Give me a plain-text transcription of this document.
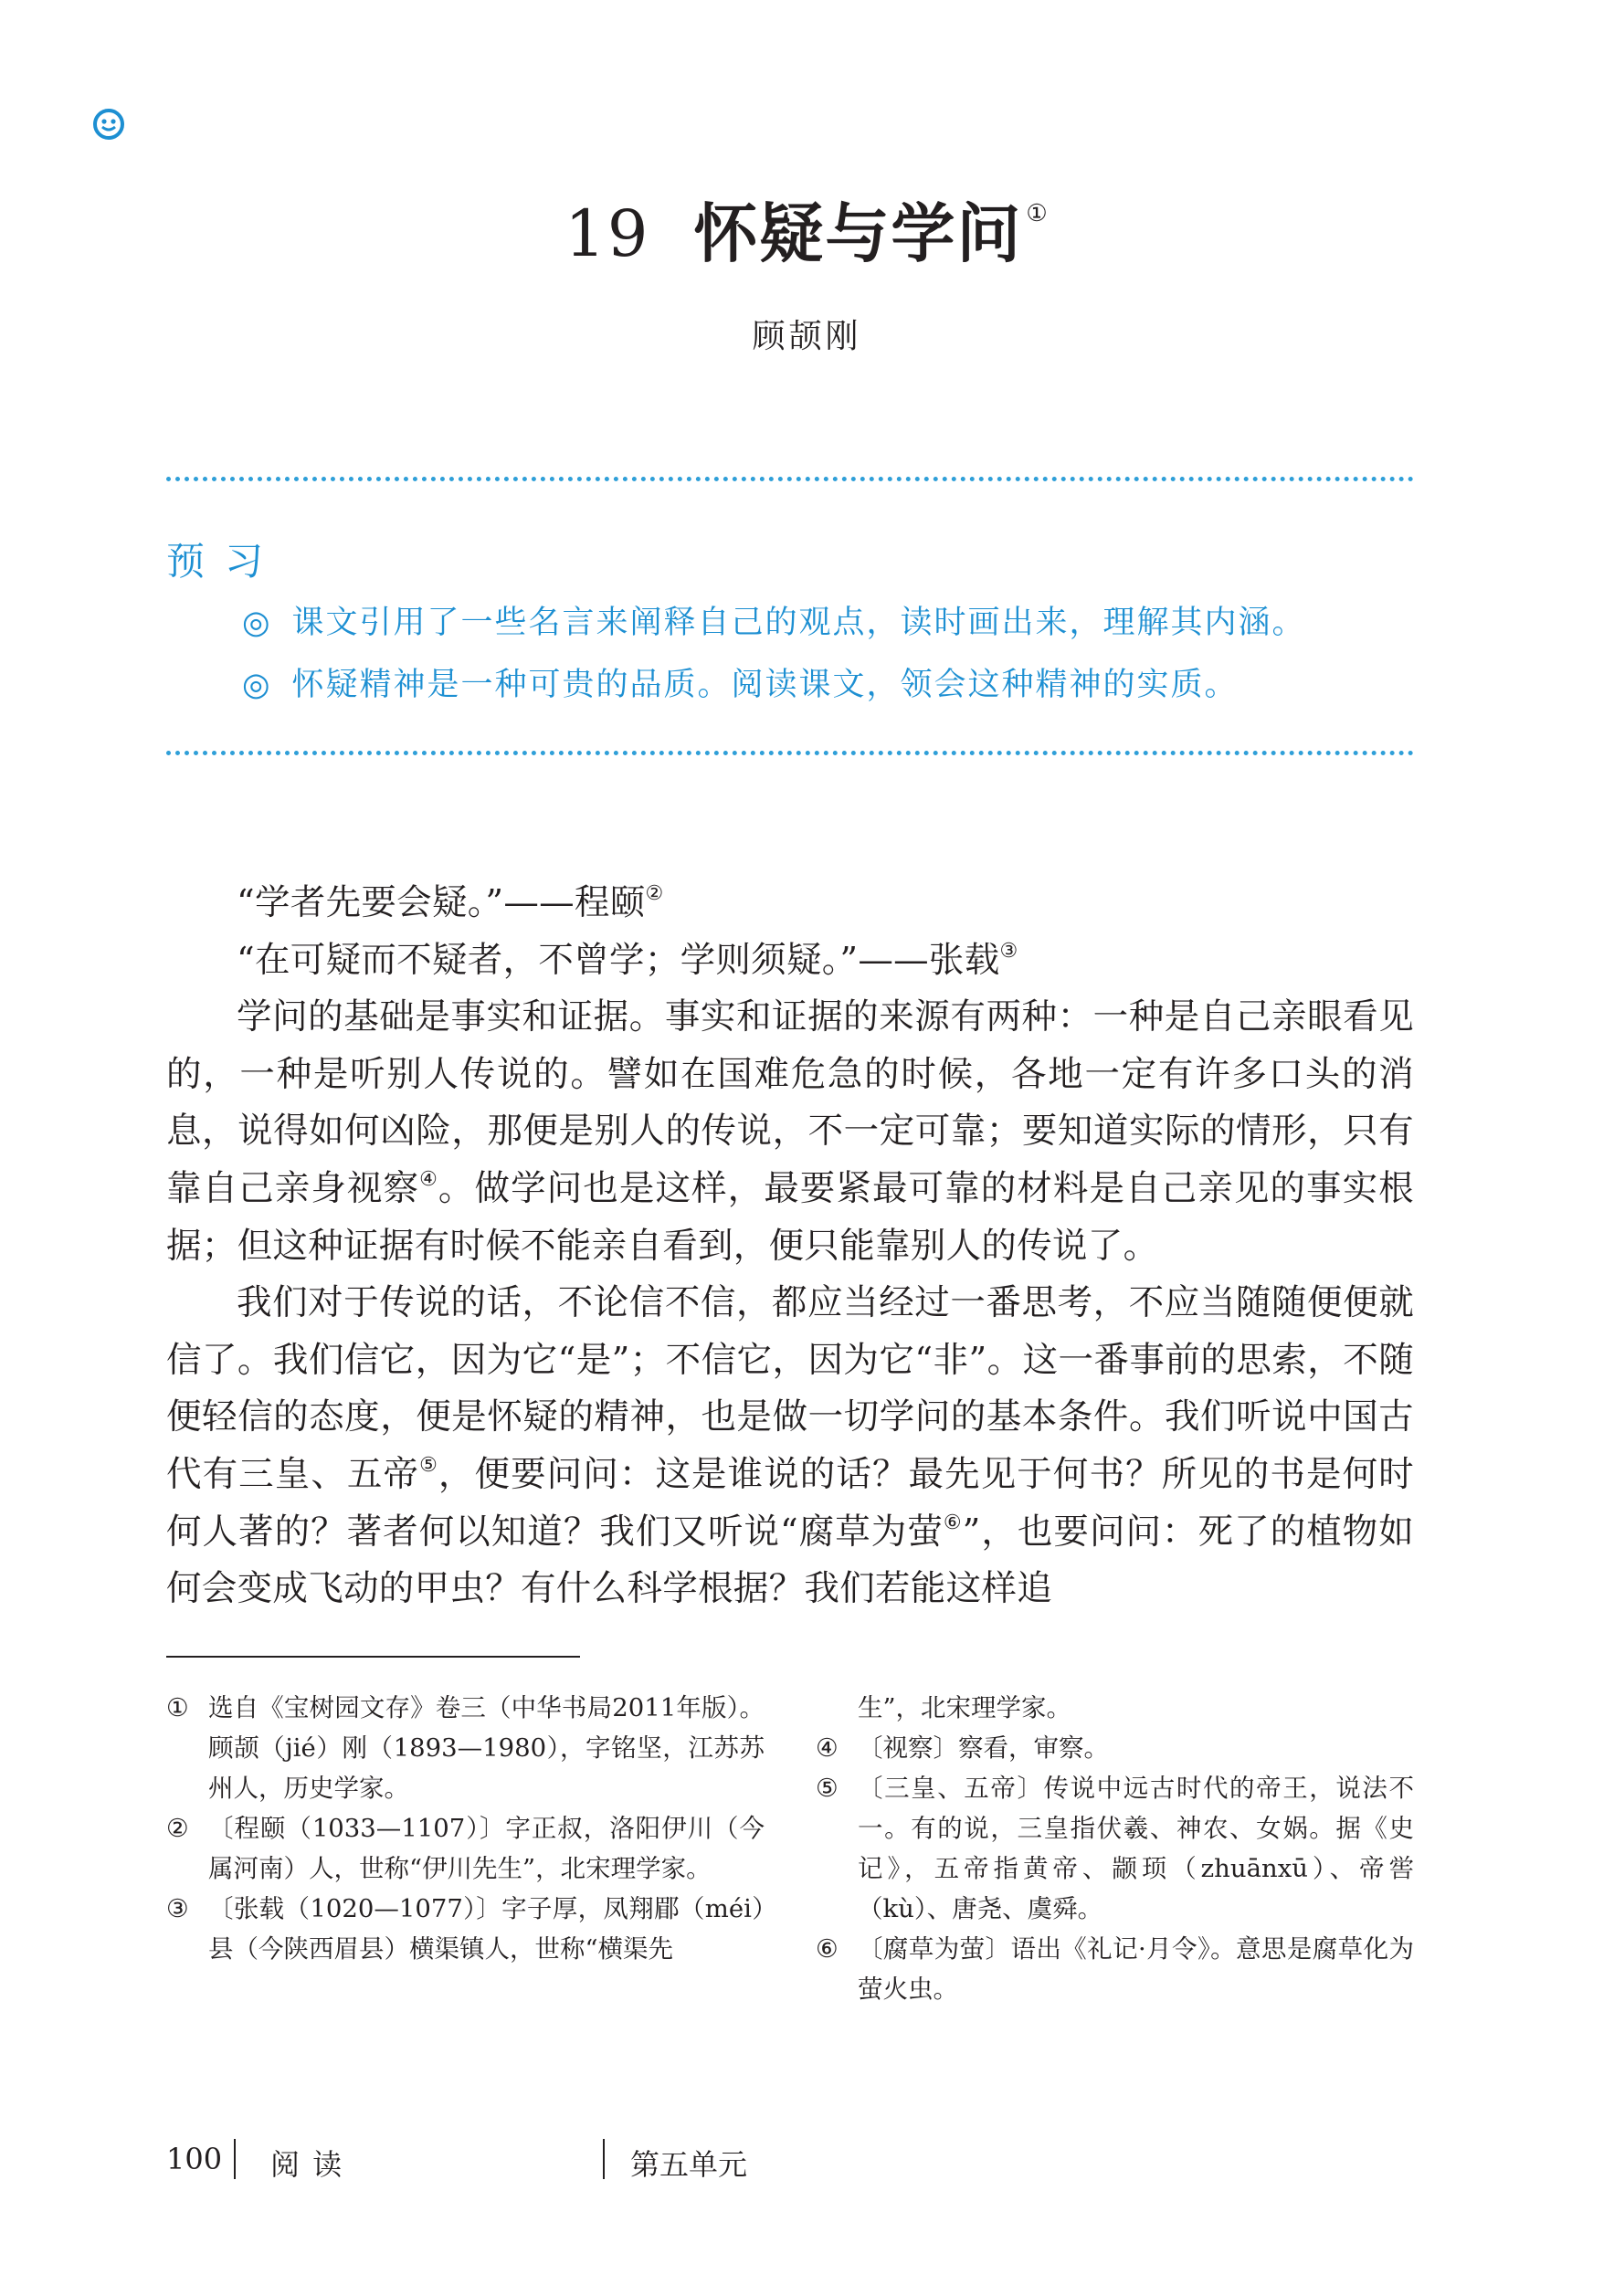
19 怀疑与学问 ①
顾颉刚
预习
◎ 课文引用了一些名言来阐释自己的观点，读时画出来，理解其内涵。
◎ 怀疑精神是一种可贵的品质。阅读课文，领会这种精神的实质。

“学者先要会疑。”——程颐②

“在可疑而不疑者，不曾学；学则须疑。”——张载③

学问的基础是事实和证据。事实和证据的来源有两种：一种是自己亲眼看见的，一种是听别人传说的。譬如在国难危急的时候，各地一定有许多口头的消息，说得如何凶险，那便是别人的传说，不一定可靠；要知道实际的情形，只有靠自己亲身视察④。做学问也是这样，最要紧最可靠的材料是自己亲见的事实根据；但这种证据有时候不能亲自看到，便只能靠别人的传说了。

我们对于传说的话，不论信不信，都应当经过一番思考，不应当随随便便就信了。我们信它，因为它“是”；不信它，因为它“非”。这一番事前的思索，不随便轻信的态度，便是怀疑的精神，也是做一切学问的基本条件。我们听说中国古代有三皇、五帝⑤，便要问问：这是谁说的话？最先见于何书？所见的书是何时何人著的？著者何以知道？我们又听说“腐草为萤⑥”，也要问问：死了的植物如何会变成飞动的甲虫？有什么科学根据？我们若能这样追

① 选自《宝树园文存》卷三（中华书局2011年版）。顾颉（jié）刚（1893—1980），字铭坚，江苏苏州人，历史学家。
② 〔程颐（1033—1107）〕字正叔，洛阳伊川（今属河南）人，世称“伊川先生”，北宋理学家。
③ 〔张载（1020—1077）〕字子厚，凤翔郿（méi）县（今陕西眉县）横渠镇人，世称“横渠先
生”，北宋理学家。
④ 〔视察〕察看，审察。
⑤ 〔三皇、五帝〕传说中远古时代的帝王，说法不一。有的说，三皇指伏羲、神农、女娲。据《史记》，五帝指黄帝、颛顼（zhuānxū）、帝喾（kù）、唐尧、虞舜。
⑥ 〔腐草为萤〕语出《礼记·月令》。意思是腐草化为萤火虫。
100 阅 读	第五单元
